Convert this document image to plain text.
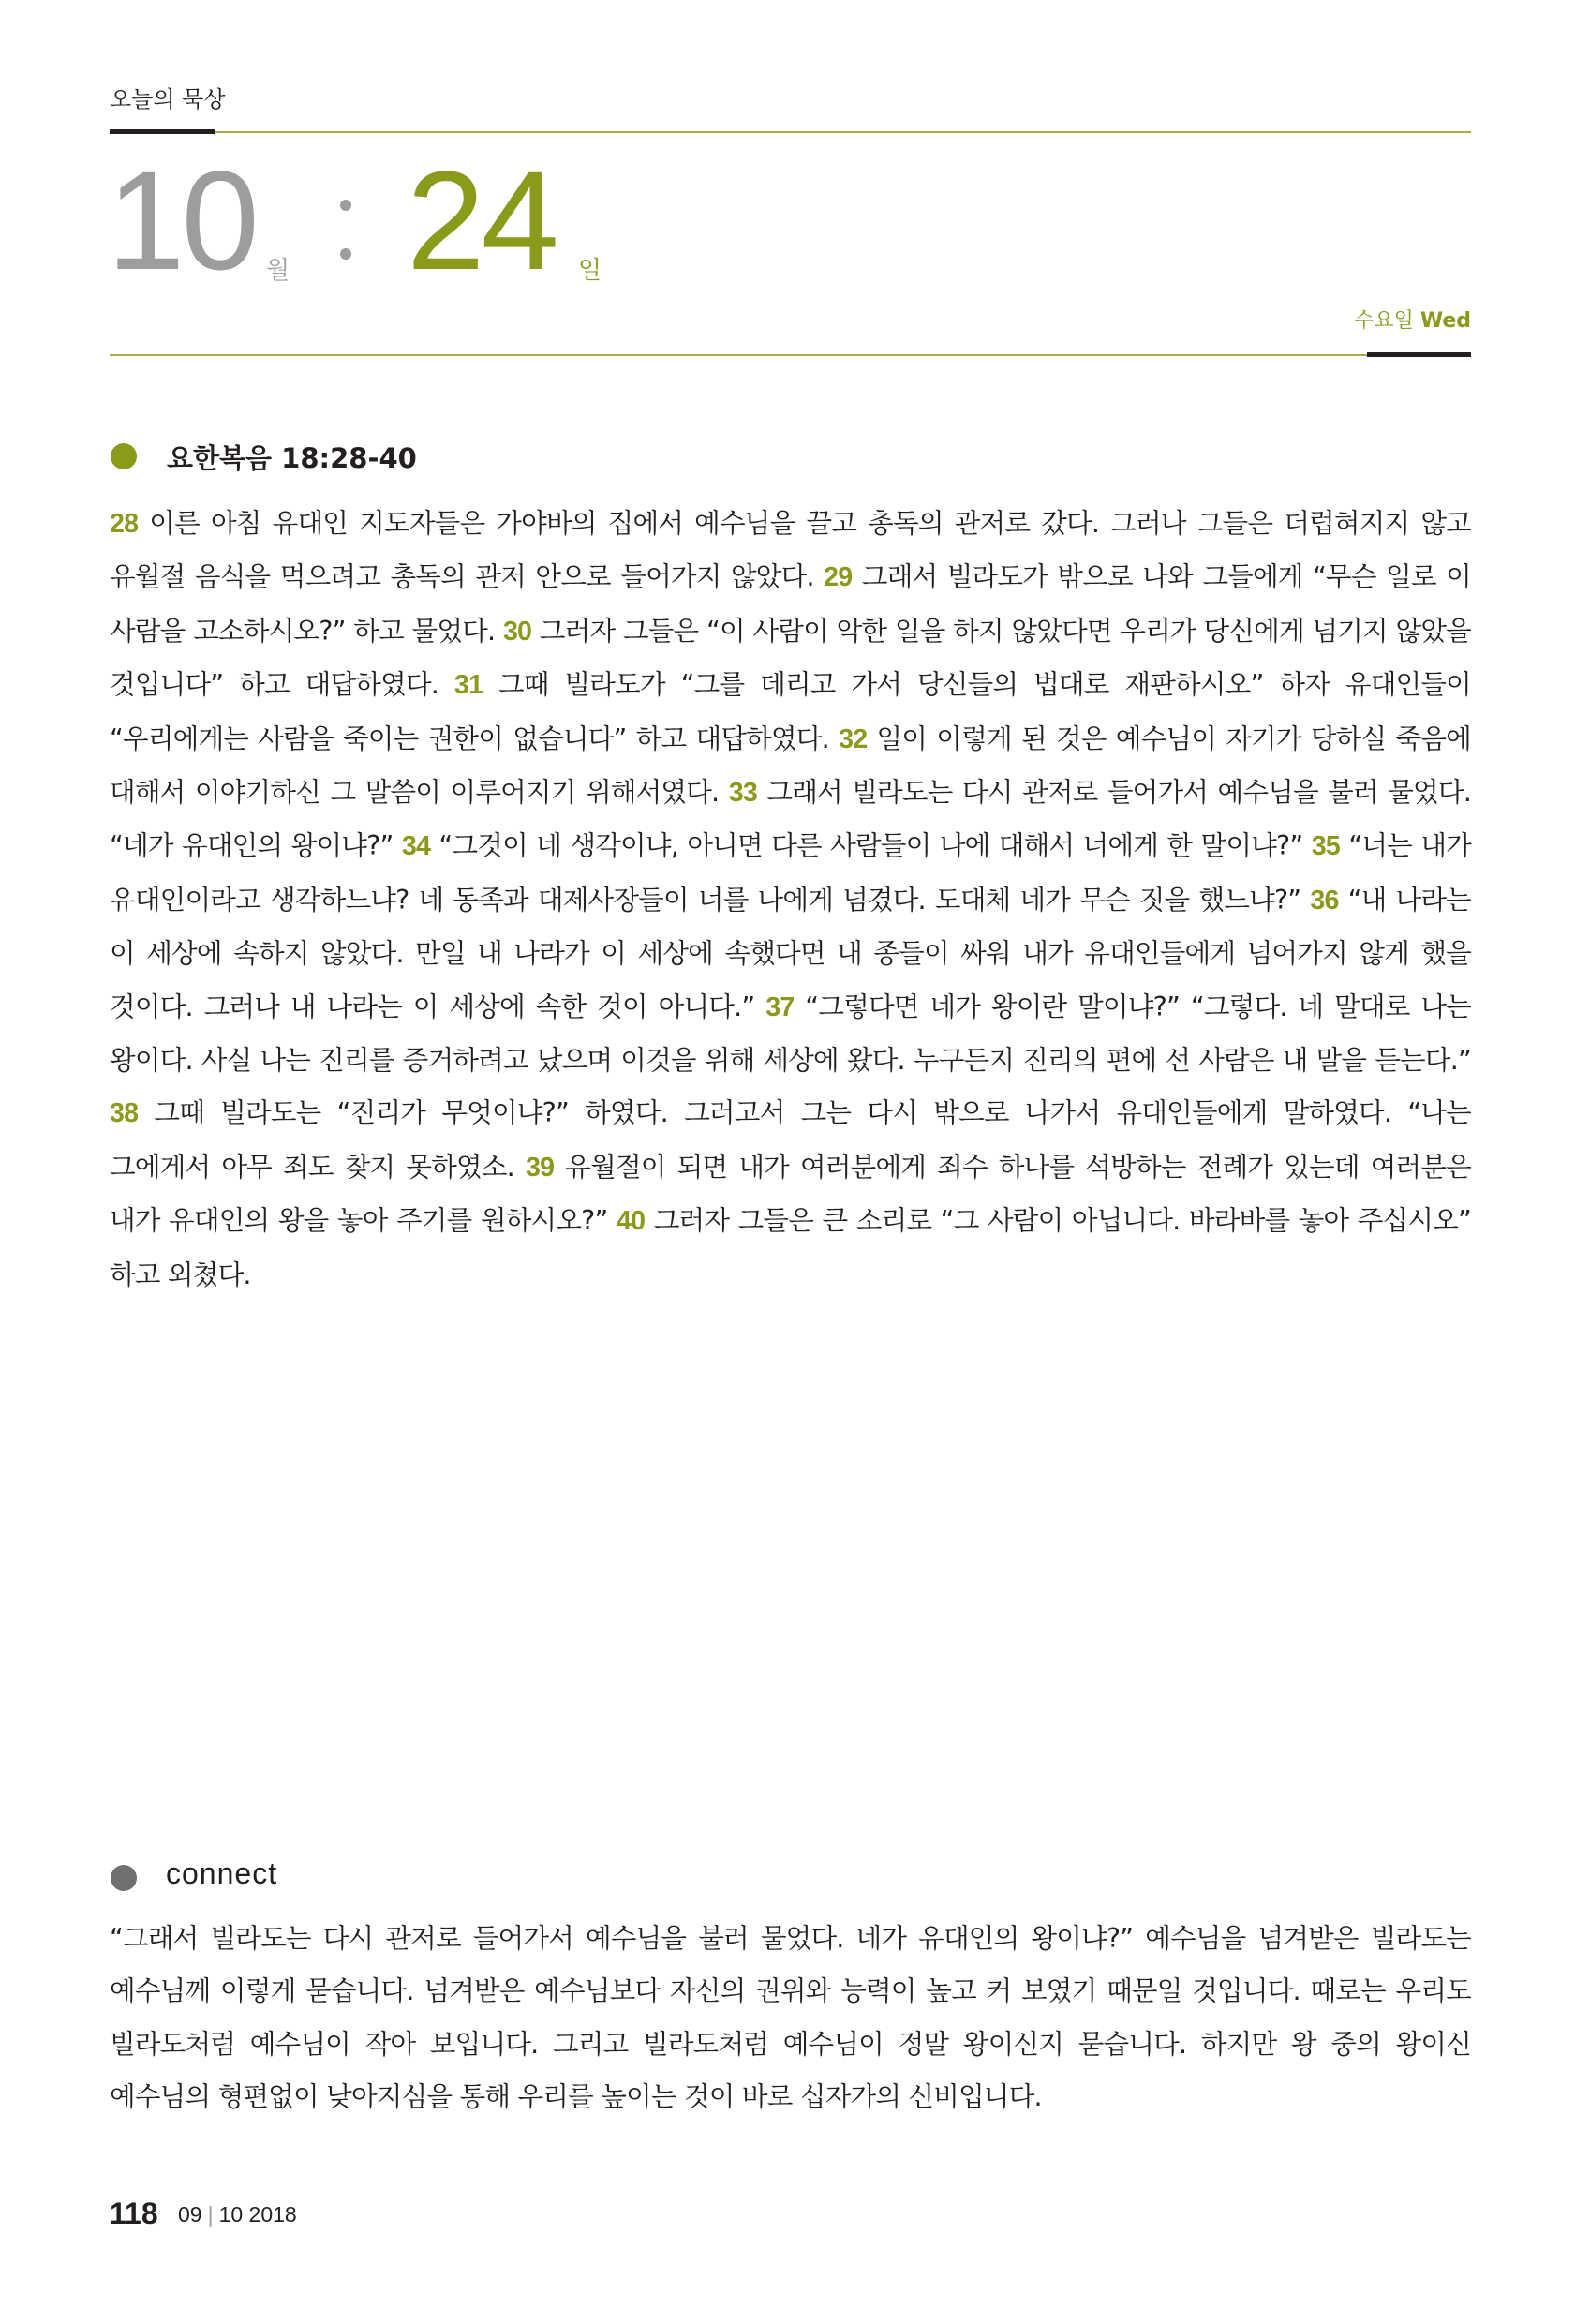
오늘의 묵상
10 월 24 일
수요일 Wed
요한복음 18:28-40
28 이른 아침 유대인 지도자들은 가야바의 집에서 예수님을 끌고 총독의 관저로 갔다. 그러나 그들은 더럽혀지지 않고 유월절 음식을 먹으려고 총독의 관저 안으로 들어가지 않았다. 29 그래서 빌라도가 밖으로 나와 그들에게 “무슨 일로 이 사람을 고소하시오?” 하고 물었다. 30 그러자 그들은 “이 사람이 악한 일을 하지 않았다면 우리가 당신에게 넘기지 않았을 것입니다” 하고 대답하였다. 31 그때 빌라도가 “그를 데리고 가서 당신들의 법대로 재판하시오” 하자 유대인들이 “우리에게는 사람을 죽이는 권한이 없습니다” 하고 대답하였다. 32 일이 이렇게 된 것은 예수님이 자기가 당하실 죽음에 대해서 이야기하신 그 말씀이 이루어지기 위해서였다. 33 그래서 빌라도는 다시 관저로 들어가서 예수님을 불러 물었다. “네가 유대인의 왕이냐?” 34 “그것이 네 생각이냐, 아니면 다른 사람들이 나에 대해서 너에게 한 말이냐?” 35 “너는 내가 유대인이라고 생각하느냐? 네 동족과 대제사장들이 너를 나에게 넘겼다. 도대체 네가 무슨 짓을 했느냐?” 36 “내 나라는 이 세상에 속하지 않았다. 만일 내 나라가 이 세상에 속했다면 내 종들이 싸워 내가 유대인들에게 넘어가지 않게 했을 것이다. 그러나 내 나라는 이 세상에 속한 것이 아니다.” 37 “그렇다면 네가 왕이란 말이냐?” “그렇다. 네 말대로 나는 왕이다. 사실 나는 진리를 증거하려고 났으며 이것을 위해 세상에 왔다. 누구든지 진리의 편에 선 사람은 내 말을 듣는다.” 38 그때 빌라도는 “진리가 무엇이냐?” 하였다. 그러고서 그는 다시 밖으로 나가서 유대인들에게 말하였다. “나는 그에게서 아무 죄도 찾지 못하였소. 39 유월절이 되면 내가 여러분에게 죄수 하나를 석방하는 전례가 있는데 여러분은 내가 유대인의 왕을 놓아 주기를 원하시오?” 40 그러자 그들은 큰 소리로 “그 사람이 아닙니다. 바라바를 놓아 주십시오” 하고 외쳤다.
connect
“그래서 빌라도는 다시 관저로 들어가서 예수님을 불러 물었다. 네가 유대인의 왕이냐?” 예수님을 넘겨받은 빌라도는 예수님께 이렇게 묻습니다. 넘겨받은 예수님보다 자신의 권위와 능력이 높고 커 보였기 때문일 것입니다. 때로는 우리도 빌라도처럼 예수님이 작아 보입니다. 그리고 빌라도처럼 예수님이 정말 왕이신지 묻습니다. 하지만 왕 중의 왕이신 예수님의 형편없이 낮아지심을 통해 우리를 높이는 것이 바로 십자가의 신비입니다.
118 09 | 10 2018
